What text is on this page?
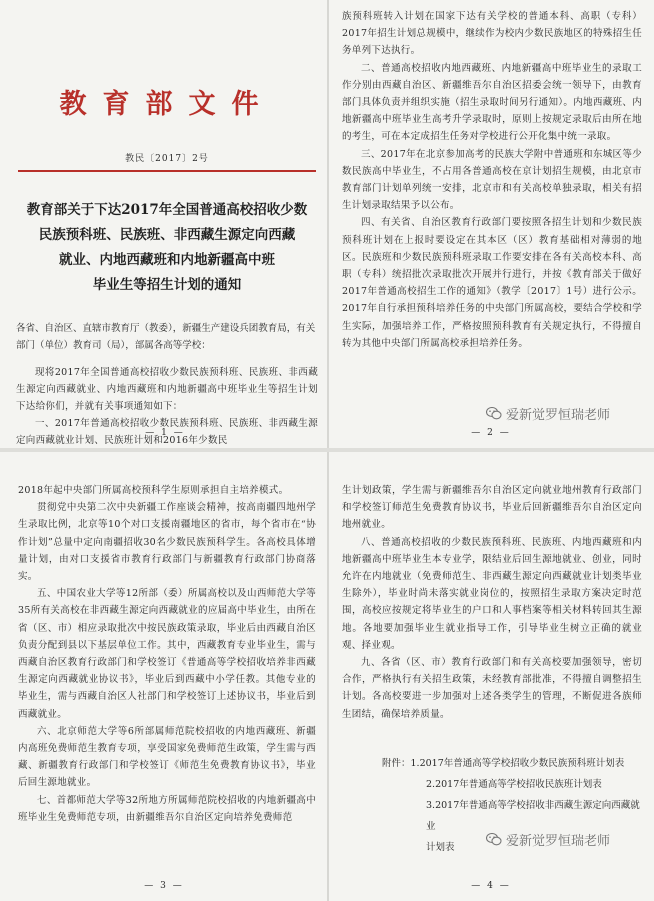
教育部文件
教民〔2017〕2号
教育部关于下达2017年全国普通高校招收少数
民族预科班、民族班、非西藏生源定向西藏
就业、内地西藏班和内地新疆高中班
毕业生等招生计划的通知

各省、自治区、直辖市教育厅（教委），新疆生产建设兵团教育局，有关部门（单位）教育司（局），部属各高等学校：

现将2017年全国普通高校招收少数民族预科班、民族班、非西藏生源定向西藏就业、内地西藏班和内地新疆高中班毕业生等招生计划下达给你们，并就有关事项通知如下：

一、2017年普通高校招收少数民族预科班、民族班、非西藏生源定向西藏就业计划、民族班计划和2016年少数民

— 1 —

族预科班转入计划在国家下达有关学校的普通本科、高职（专科）2017年招生计划总规模中，继续作为校内少数民族地区的特殊招生任务单列下达执行。

二、普通高校招收内地西藏班、内地新疆高中班毕业生的录取工作分别由西藏自治区、新疆维吾尔自治区招委会统一领导下，由教育部门具体负责并组织实施（招生录取时间另行通知）。内地西藏班、内地新疆高中班毕业生高考升学录取时，原则上按规定录取后由所在地的考生，可在本定成招生任务对学校进行公开化集中统一录取。

三、2017年在北京参加高考的民族大学附中普通班和东城区等少数民族高中毕业生，不占用各普通高校在京计划招生规模，由北京市教育部门计划单列统一安排，北京市和有关高校单独录取，相关有招生计划录取结果予以公布。

四、有关省、自治区教育行政部门要按照各招生计划和少数民族预科班计划在上报时要设定在其本区（区）教育基础相对薄弱的地区。民族班和少数民族预科班录取工作要安排在各有关高校本科、高职（专科）统招批次录取批次开展并行进行，并按《教育部关于做好2017年普通高校招生工作的通知》（教学〔2017〕1号）进行公示。2017年自行承担预科培养任务的中央部门所属高校，要结合学校和学生实际，加强培养工作，严格按照预科教育有关规定执行，不得擅自转为其他中央部门所属高校承担培养任务。

— 2 —

2018年起中央部门所属高校预科学生原则承担自主培养模式。

贯彻党中央第二次中央新疆工作座谈会精神，按高南疆四地州学生录取比例，北京等10个对口支援南疆地区的省市，每个省市在“协作计划”总量中定向南疆招收30名少数民族预科学生。各高校具体增量计划，由对口支援省市教育行政部门与新疆教育行政部门协商落实。

五、中国农业大学等12所部（委）所属高校以及山西师范大学等35所有关高校在非西藏生源定向西藏就业的应届高中毕业生，由所在省（区、市）相应录取批次中按民族政策录取，毕业后由西藏自治区负责分配到县以下基层单位工作。其中，西藏教育专业毕业生，需与西藏自治区教育行政部门和学校签订《普通高等学校招收培养非西藏生源定向西藏就业协议书》，毕业后到西藏中小学任教。其他专业的毕业生，需与西藏自治区人社部门和学校签订上述协议书，毕业后到西藏就业。

六、北京师范大学等6所部属师范院校招收的内地西藏班、新疆内高班免费师范生教育专项，享受国家免费师范生政策，学生需与西藏、新疆教育行政部门和学校签订《师范生免费教育协议书》，毕业后回生源地就业。

七、首都师范大学等32所地方所属师范院校招收的内地新疆高中班毕业生免费师范专项，由新疆维吾尔自治区定向培养免费师范

— 3 —

生计划政策，学生需与新疆维吾尔自治区定向就业地州教育行政部门和学校签订师范生免费教育协议书，毕业后回新疆维吾尔自治区定向地州就业。

八、普通高校招收的少数民族预科班、民族班、内地西藏班和内地新疆高中班毕业生本专业学，限结业后回生源地就业、创业，同时允许在内地就业（免费师范生、非西藏生源定向西藏就业计划类毕业生除外），毕业时尚未落实就业岗位的，按照招生录取方案决定时范围，高校应按规定将毕业生的户口和人事档案等相关材料转回其生源地。各地要加强毕业生就业指导工作，引导毕业生树立正确的就业观、择业观。

九、各省（区、市）教育行政部门和有关高校要加强领导，密切合作，严格执行有关招生政策，未经教育部批准，不得擅自调整招生计划。各高校要进一步加强对上述各类学生的管理，不断促进各族师生团结，确保培养质量。

附件：1.2017年普通高等学校招收少数民族预科班计划表
2.2017年普通高等学校招收民族班计划表
3.2017年普通高等学校招收非西藏生源定向西藏就业
计划表
— 4 —
爱新觉罗恒瑞老师
爱新觉罗恒瑞老师
